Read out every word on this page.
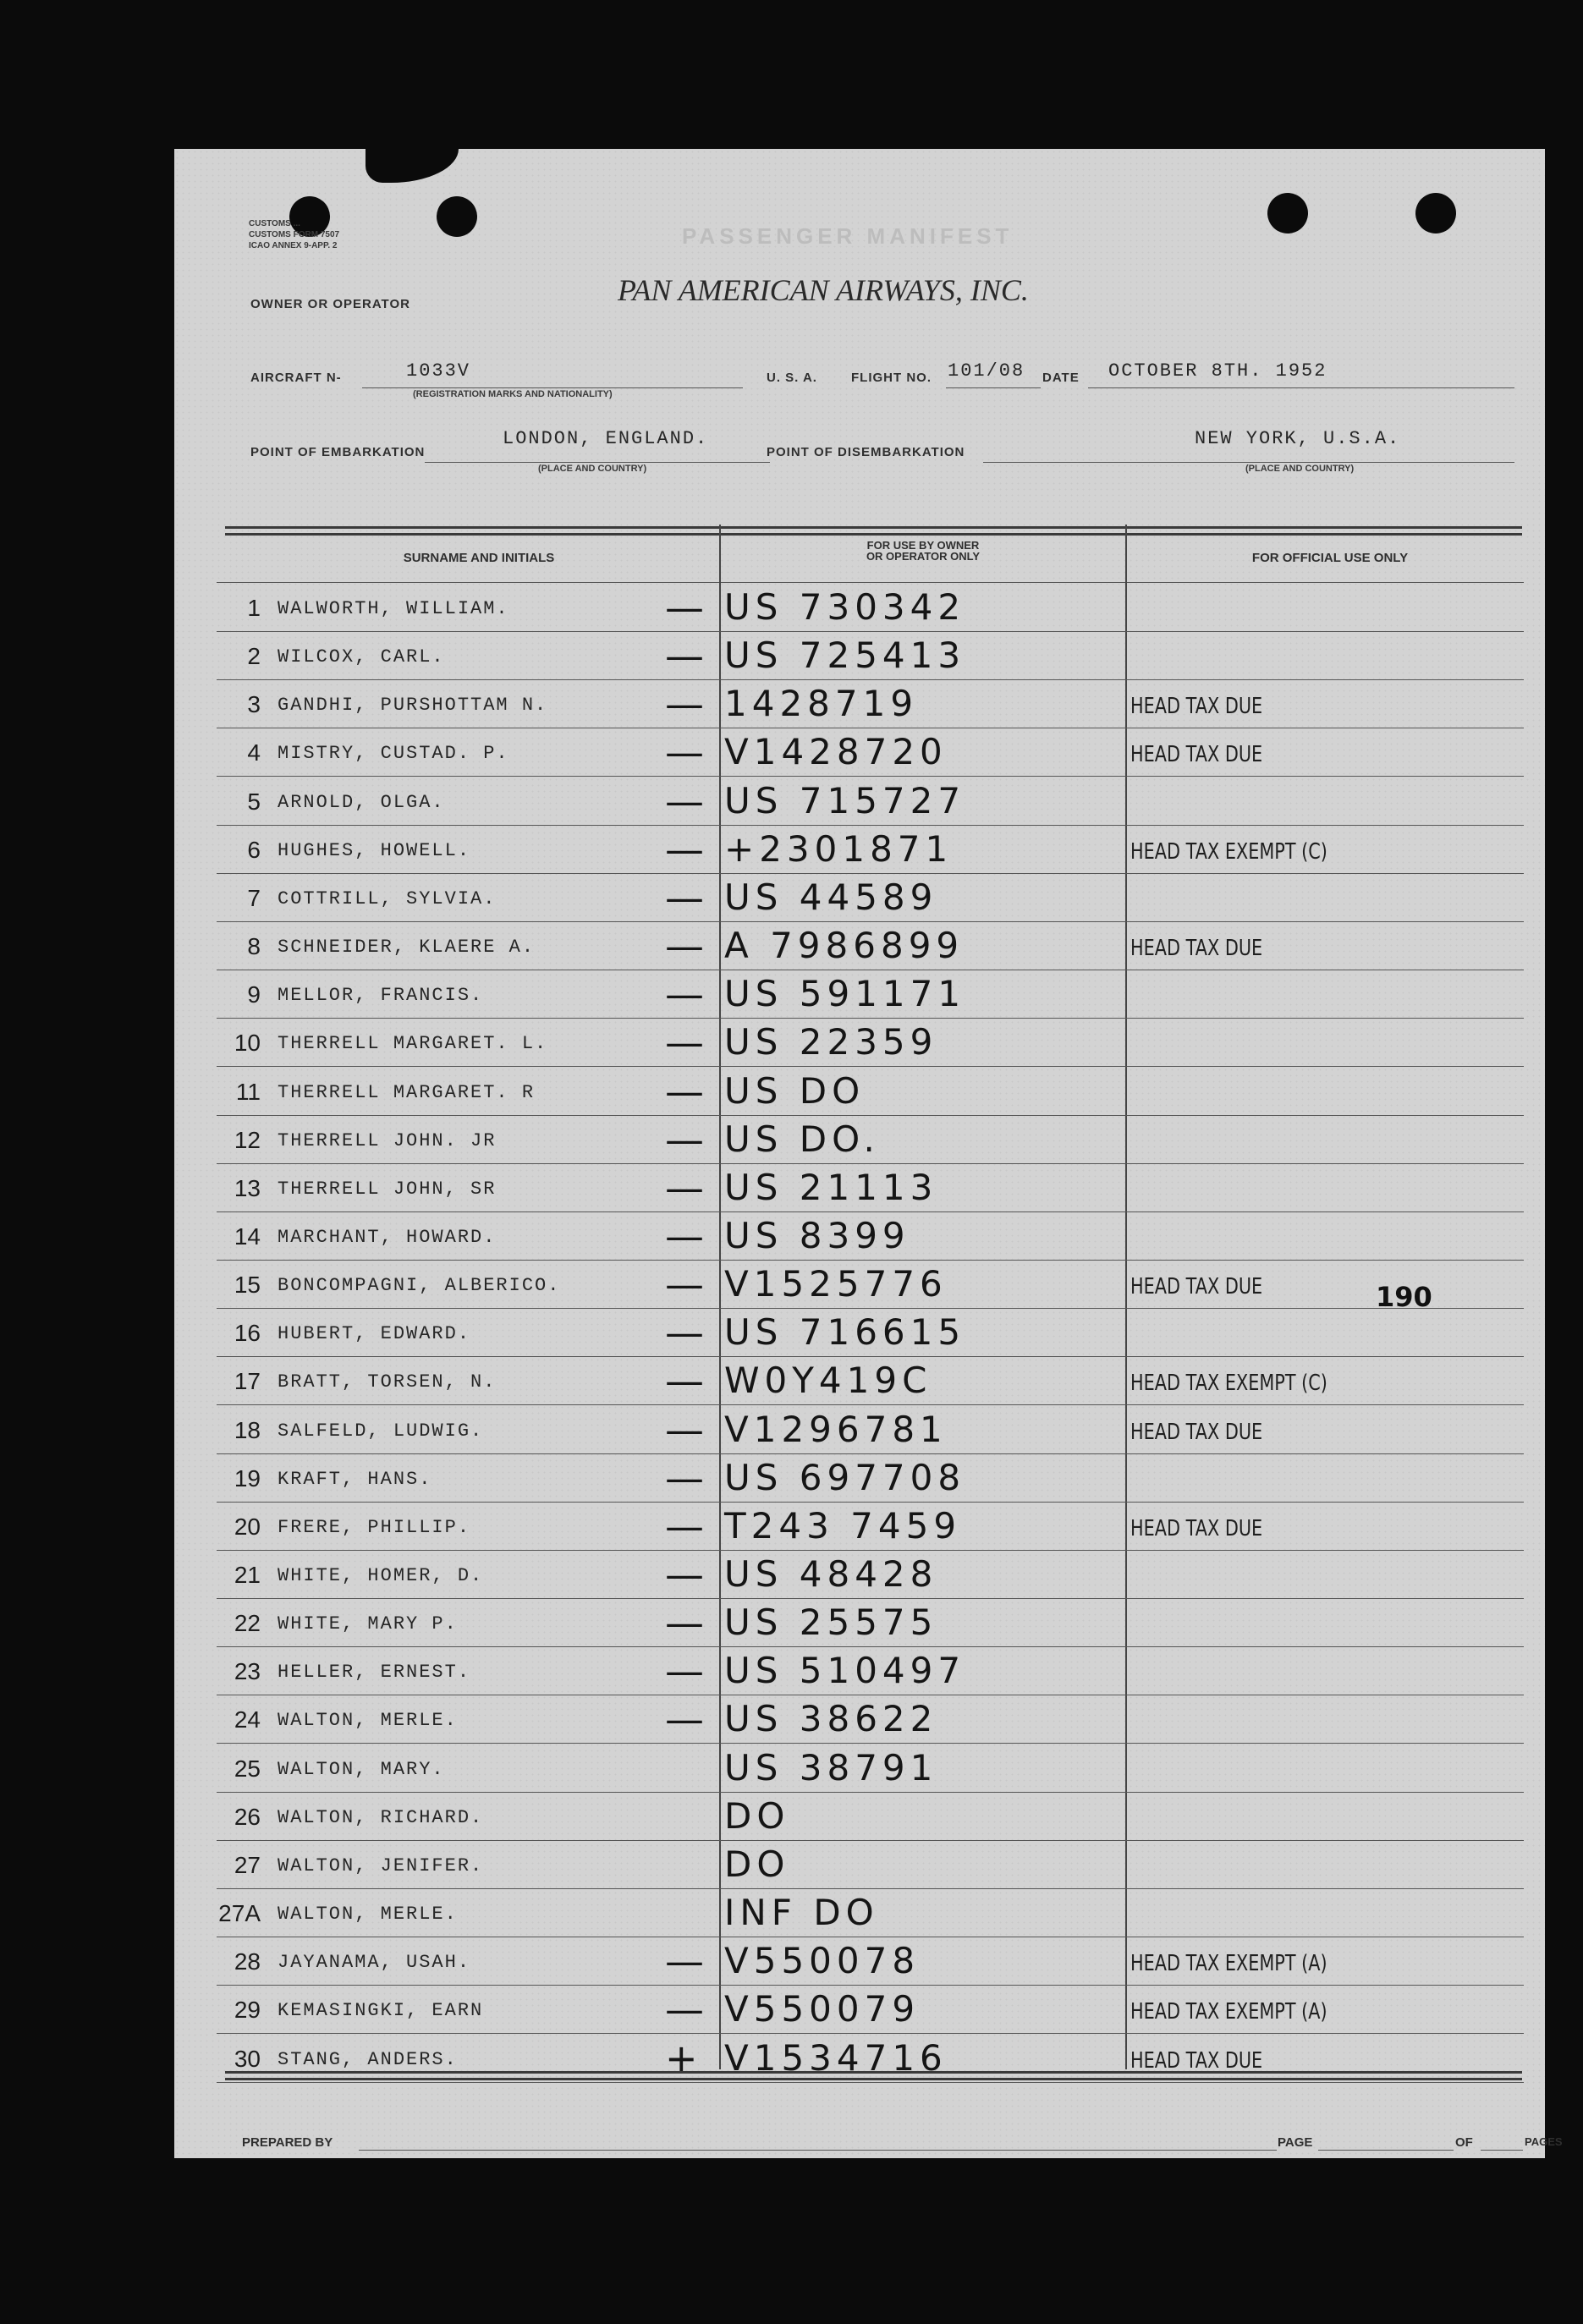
CUSTOMS ...
CUSTOMS FORM 7507
ICAO ANNEX 9-APP. 2	PASSENGER MANIFEST
PAN AMERICAN AIRWAYS, INC.
OWNER OR OPERATOR
AIRCRAFT N-	1033V
(REGISTRATION MARKS AND NATIONALITY)
U. S. A.	FLIGHT NO. 101/08 DATE OCTOBER 8TH. 1952
POINT OF EMBARKATION
LONDON, ENGLAND.
(PLACE AND COUNTRY)
POINT OF DISEMBARKATION
NEW YORK, U.S.A.
(PLACE AND COUNTRY)
SURNAME AND INITIALS
FOR USE BY OWNER
OR OPERATOR ONLY	FOR OFFICIAL USE ONLY
1 WALWORTH, WILLIAM.	— US 730342
2 WILCOX, CARL.	— US 725413
3 GANDHI, PURSHOTTAM N.	— 1428719	HEAD TAX DUE
4 MISTRY, CUSTAD. P.	— V1428720	HEAD TAX DUE
5 ARNOLD, OLGA.	— US 715727
6 HUGHES, HOWELL.	— +2301871	HEAD TAX EXEMPT (C)
7 COTTRILL, SYLVIA.	— US 44589
8 SCHNEIDER, KLAERE A.	— A 7986899	HEAD TAX DUE
9 MELLOR, FRANCIS.	— US 591171
10 THERRELL MARGARET. L.	— US 22359
11 THERRELL MARGARET. R	— US DO
12 THERRELL JOHN. JR	— US DO.
13 THERRELL JOHN, SR	— US 21113
14 MARCHANT, HOWARD.	— US 8399
15 BONCOMPAGNI, ALBERICO.	— V1525776	HEAD TAX DUE
16 HUBERT, EDWARD.	— US 716615
17 BRATT, TORSEN, N.	— W0Y419C	HEAD TAX EXEMPT (C)
18 SALFELD, LUDWIG.	— V1296781	HEAD TAX DUE
19 KRAFT, HANS.	— US 697708
20 FRERE, PHILLIP.	— T243 7459	HEAD TAX DUE
21 WHITE, HOMER, D.	— US 48428
22 WHITE, MARY P.	— US 25575
23 HELLER, ERNEST.	— US 510497
24 WALTON, MERLE.	— US 38622
25 WALTON, MARY.	US 38791
26 WALTON, RICHARD.	DO
27 WALTON, JENIFER.	DO
27A WALTON, MERLE.	INF DO
28 JAYANAMA, USAH.	— V550078	HEAD TAX EXEMPT (A)
29 KEMASINGKI, EARN	— V550079	HEAD TAX EXEMPT (A)
30 STANG, ANDERS.	+ V1534716	HEAD TAX DUE
190
PREPARED BY	PAGE	OF	PAGES
